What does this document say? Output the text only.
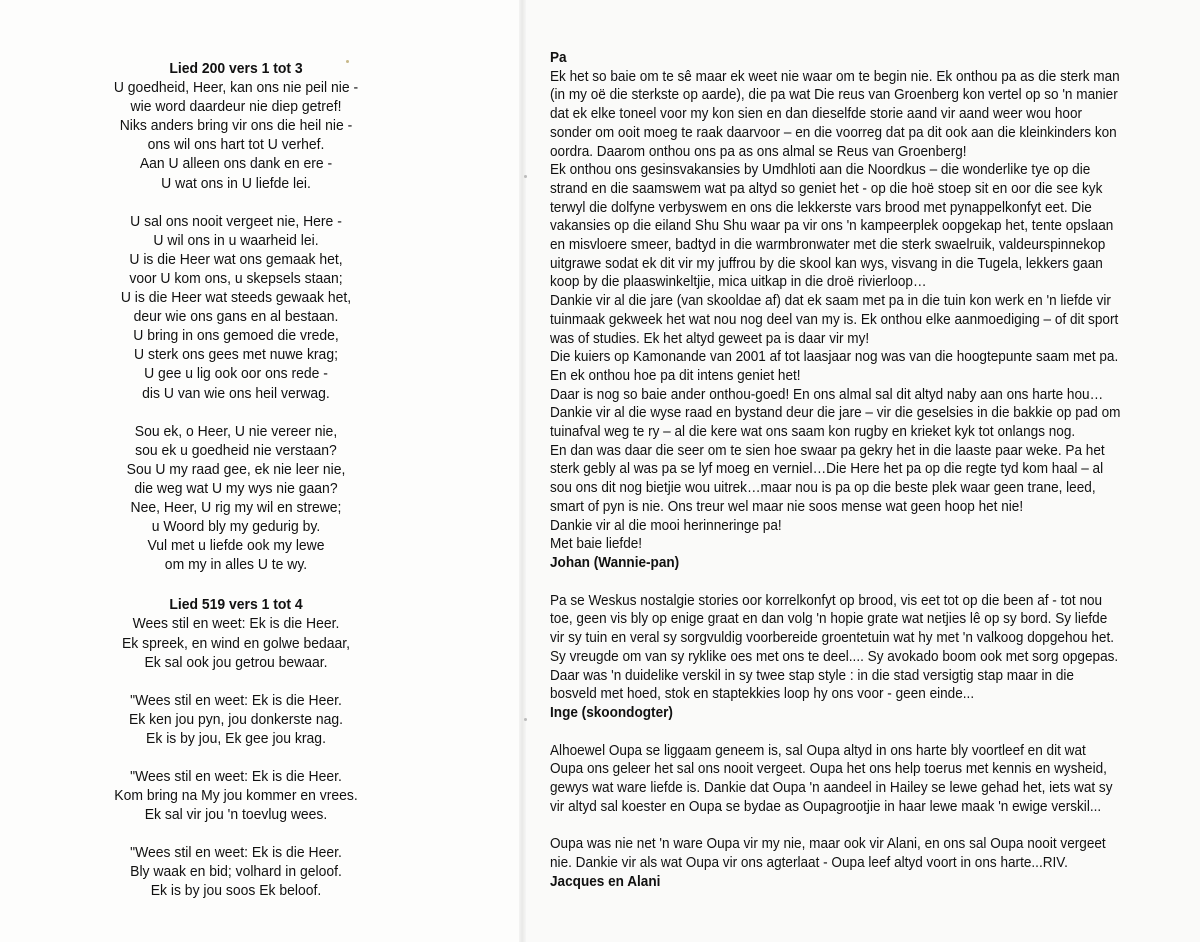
Lied 200 vers 1 tot 3
U goedheid, Heer, kan ons nie peil nie -
wie word daardeur nie diep getref!
Niks anders bring vir ons die heil nie -
ons wil ons hart tot U verhef.
Aan U alleen ons dank en ere -
U wat ons in U liefde lei.
U sal ons nooit vergeet nie, Here -
U wil ons in u waarheid lei.
U is die Heer wat ons gemaak het,
voor U kom ons, u skepsels staan;
U is die Heer wat steeds gewaak het,
deur wie ons gans en al bestaan.
U bring in ons gemoed die vrede,
U sterk ons gees met nuwe krag;
U gee u lig ook oor ons rede -
dis U van wie ons heil verwag.
Sou ek, o Heer, U nie vereer nie,
sou ek u goedheid nie verstaan?
Sou U my raad gee, ek nie leer nie,
die weg wat U my wys nie gaan?
Nee, Heer, U rig my wil en strewe;
u Woord bly my gedurig by.
Vul met u liefde ook my lewe
om my in alles U te wy.
Lied 519 vers 1 tot 4
Wees stil en weet: Ek is die Heer.
Ek spreek, en wind en golwe bedaar,
Ek sal ook jou getrou bewaar.
"Wees stil en weet: Ek is die Heer.
Ek ken jou pyn, jou donkerste nag.
Ek is by jou, Ek gee jou krag.
"Wees stil en weet: Ek is die Heer.
Kom bring na My jou kommer en vrees.
Ek sal vir jou 'n toevlug wees.
"Wees stil en weet: Ek is die Heer.
Bly waak en bid; volhard in geloof.
Ek is by jou soos Ek beloof.
Pa
Ek het so baie om te sê maar ek weet nie waar om te begin nie. Ek onthou pa as die sterk man
(in my oë die sterkste op aarde), die pa wat Die reus van Groenberg kon vertel op so 'n manier
dat ek elke toneel voor my kon sien en dan dieselfde storie aand vir aand weer wou hoor
sonder om ooit moeg te raak daarvoor – en die voorreg dat pa dit ook aan die kleinkinders kon
oordra. Daarom onthou ons pa as ons almal se Reus van Groenberg!
Ek onthou ons gesinsvakansies by Umdhloti aan die Noordkus – die wonderlike tye op die
strand en die saamswem wat pa altyd so geniet het - op die hoë stoep sit en oor die see kyk
terwyl die dolfyne verbyswem en ons die lekkerste vars brood met pynappelkonfyt eet. Die
vakansies op die eiland Shu Shu waar pa vir ons 'n kampeerplek oopgekap het, tente opslaan
en misvloere smeer, badtyd in die warmbronwater met die sterk swaelruik, valdeurspinnekop
uitgrawe sodat ek dit vir my juffrou by die skool kan wys, visvang in die Tugela, lekkers gaan
koop by die plaaswinkeltjie, mica uitkap in die droë rivierloop…
Dankie vir al die jare (van skooldae af) dat ek saam met pa in die tuin kon werk en 'n liefde vir
tuinmaak gekweek het wat nou nog deel van my is. Ek onthou elke aanmoediging – of dit sport
was of studies. Ek het altyd geweet pa is daar vir my!
Die kuiers op Kamonande van 2001 af tot laasjaar nog was van die hoogtepunte saam met pa.
En ek onthou hoe pa dit intens geniet het!
Daar is nog so baie ander onthou-goed! En ons almal sal dit altyd naby aan ons harte hou…
Dankie vir al die wyse raad en bystand deur die jare – vir die geselsies in die bakkie op pad om
tuinafval weg te ry – al die kere wat ons saam kon rugby en krieket kyk tot onlangs nog.
En dan was daar die seer om te sien hoe swaar pa gekry het in die laaste paar weke. Pa het
sterk gebly al was pa se lyf moeg en verniel…Die Here het pa op die regte tyd kom haal – al
sou ons dit nog bietjie wou uitrek…maar nou is pa op die beste plek waar geen trane, leed,
smart of pyn is nie. Ons treur wel maar nie soos mense wat geen hoop het nie!
Dankie vir al die mooi herinneringe pa!
Met baie liefde!
Johan (Wannie-pan)
Pa se Weskus nostalgie stories oor korrelkonfyt op brood, vis eet tot op die been af - tot nou
toe, geen vis bly op enige graat en dan volg 'n hopie grate wat netjies lê op sy bord. Sy liefde
vir sy tuin en veral sy sorgvuldig voorbereide groentetuin wat hy met 'n valkoog dopgehou het.
Sy vreugde om van sy ryklike oes met ons te deel.... Sy avokado boom ook met sorg opgepas.
Daar was 'n duidelike verskil in sy twee stap style : in die stad versigtig stap maar in die
bosveld met hoed, stok en staptekkies loop hy ons voor - geen einde...
Inge (skoondogter)
Alhoewel Oupa se liggaam geneem is, sal Oupa altyd in ons harte bly voortleef en dit wat
Oupa ons geleer het sal ons nooit vergeet. Oupa het ons help toerus met kennis en wysheid,
gewys wat ware liefde is. Dankie dat Oupa 'n aandeel in Hailey se lewe gehad het, iets wat sy
vir altyd sal koester en Oupa se bydae as Oupagrootjie in haar lewe maak 'n ewige verskil...
Oupa was nie net 'n ware Oupa vir my nie, maar ook vir Alani, en ons sal Oupa nooit vergeet
nie. Dankie vir als wat Oupa vir ons agterlaat - Oupa leef altyd voort in ons harte...RIV.
Jacques en Alani
